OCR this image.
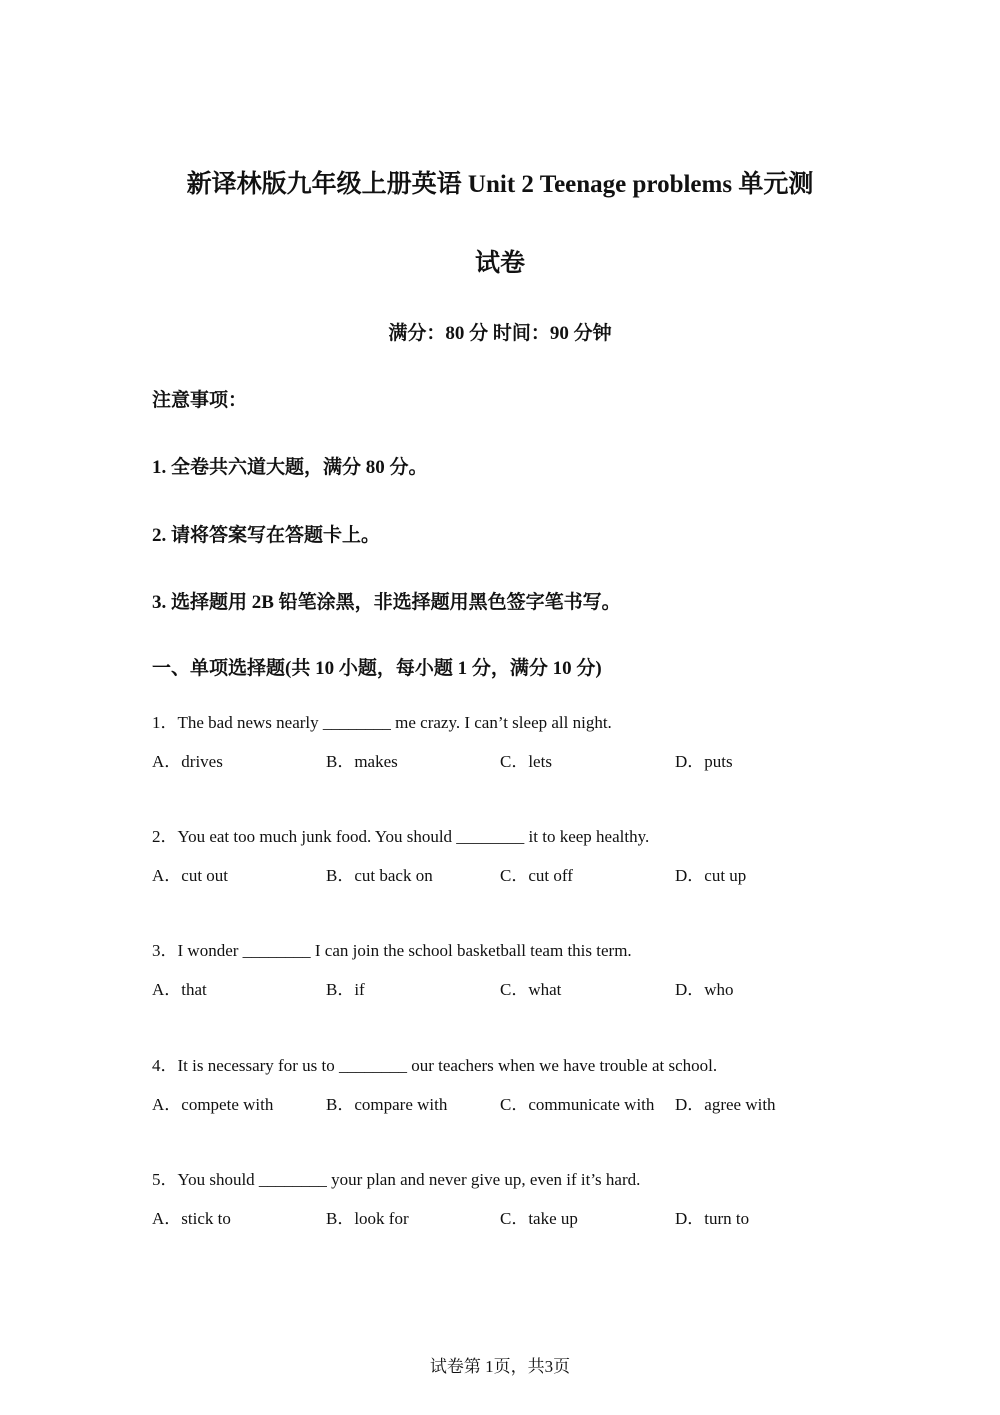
新译林版九年级上册英语 Unit 2 Teenage problems 单元测
试卷
满分：80 分 时间：90 分钟
注意事项：
1. 全卷共六道大题，满分 80 分。
2. 请将答案写在答题卡上。
3. 选择题用 2B 铅笔涂黑，非选择题用黑色签字笔书写。
一、单项选择题(共 10 小题，每小题 1 分，满分 10 分)
1．The bad news nearly ________ me crazy. I can’t sleep all night.
A．drives	B．makes	C．lets	D．puts
2．You eat too much junk food. You should ________ it to keep healthy.
A．cut out	B．cut back on	C．cut off	D．cut up
3．I wonder ________ I can join the school basketball team this term.
A．that	B．if	C．what	D．who
4．It is necessary for us to ________ our teachers when we have trouble at school.
A．compete with	B．compare with	C．communicate with D．agree with
5．You should ________ your plan and never give up, even if it’s hard.
A．stick to	B．look for	C．take up	D．turn to
试卷第 1页，共3页
